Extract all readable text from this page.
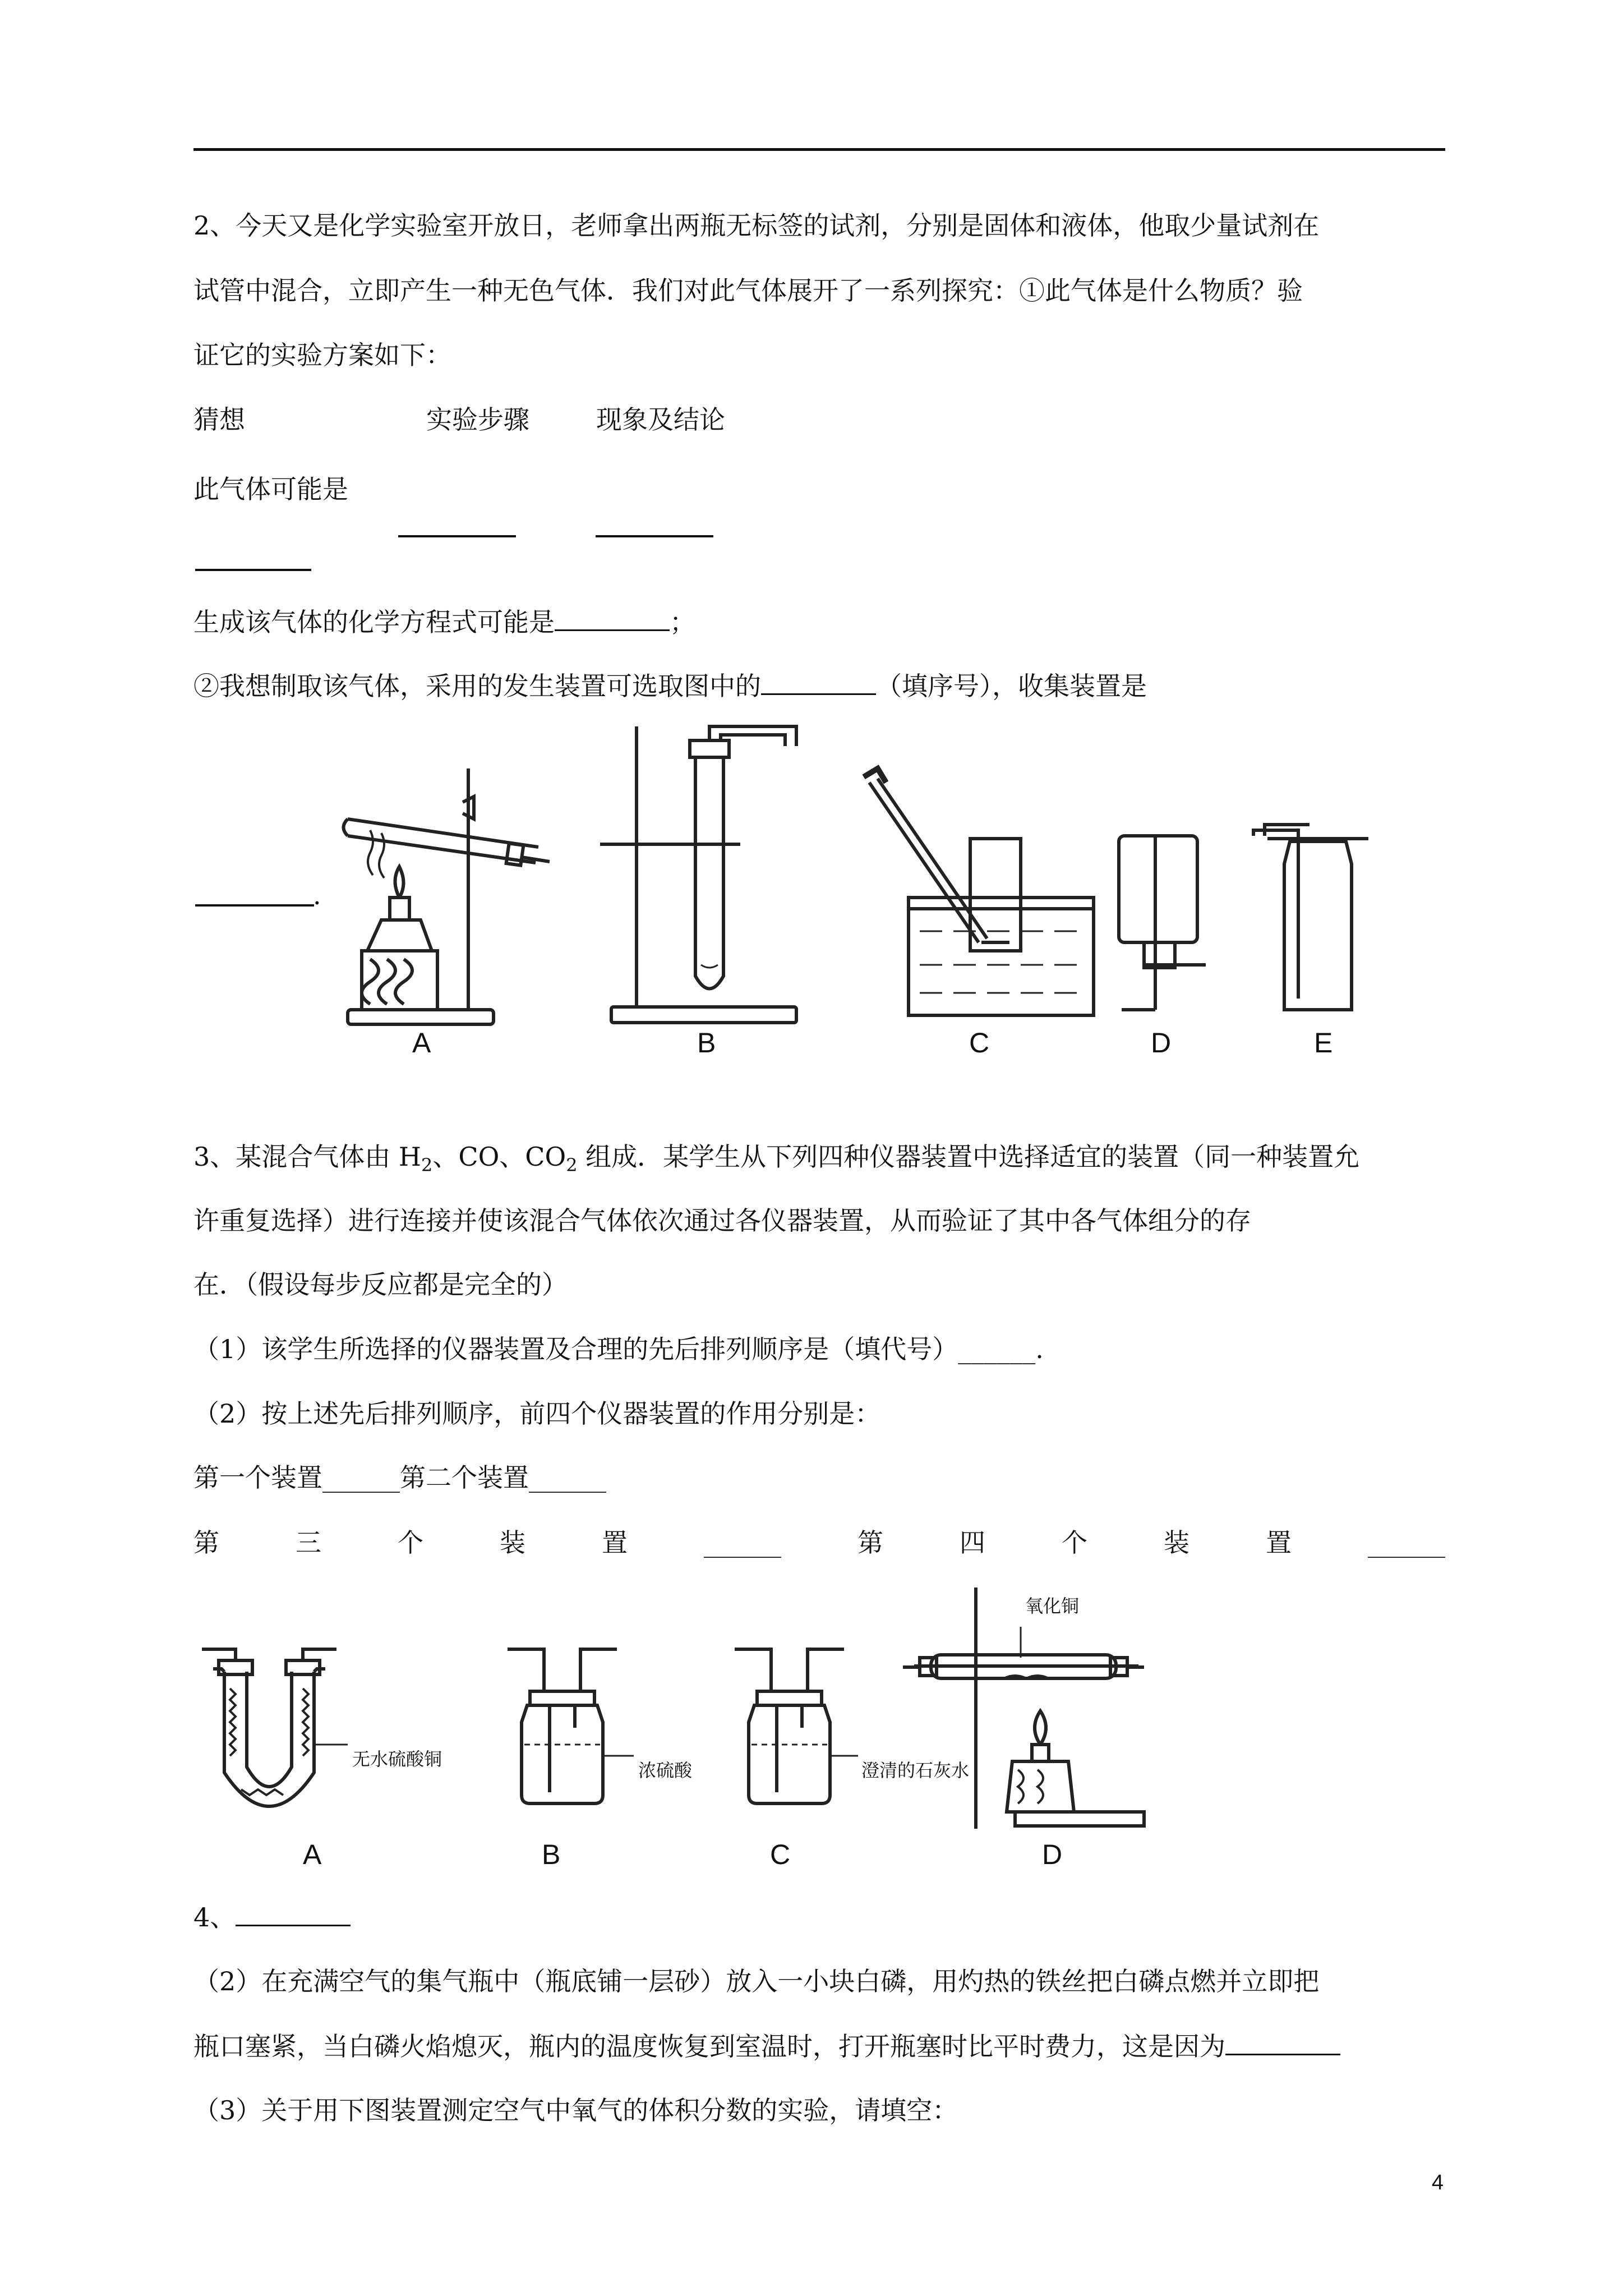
2、今天又是化学实验室开放日，老师拿出两瓶无标签的试剂，分别是固体和液体，他取少量试剂在
试管中混合，立即产生一种无色气体．我们对此气体展开了一系列探究：①此气体是什么物质？验
证它的实验方案如下：
猜想	实验步骤	现象及结论
此气体可能是
生成该气体的化学方程式可能是	；
②我想制取该气体，采用的发生装置可选取图中的	（填序号），收集装置是
.
A	B	C	D	E
3、某混合气体由 $H_2$、CO、$CO_2$ 组成．某学生从下列四种仪器装置中选择适宜的装置（同一种装置允
许重复选择）进行连接并使该混合气体依次通过各仪器装置，从而验证了其中各气体组分的存
在．（假设每步反应都是完全的）
（1）该学生所选择的仪器装置及合理的先后排列顺序是（填代号）______.
（2）按上述先后排列顺序，前四个仪器装置的作用分别是：
第一个装置______第二个装置______
第	三	个	装	置	______	第	四	个	装	置	______
无水硫酸铜
浓硫酸	澄清的石灰水
氧化铜
A	B	C	D
4、
（2）在充满空气的集气瓶中（瓶底铺一层砂）放入一小块白磷，用灼热的铁丝把白磷点燃并立即把
瓶口塞紧，当白磷火焰熄灭，瓶内的温度恢复到室温时，打开瓶塞时比平时费力，这是因为
（3）关于用下图装置测定空气中氧气的体积分数的实验，请填空：
4
